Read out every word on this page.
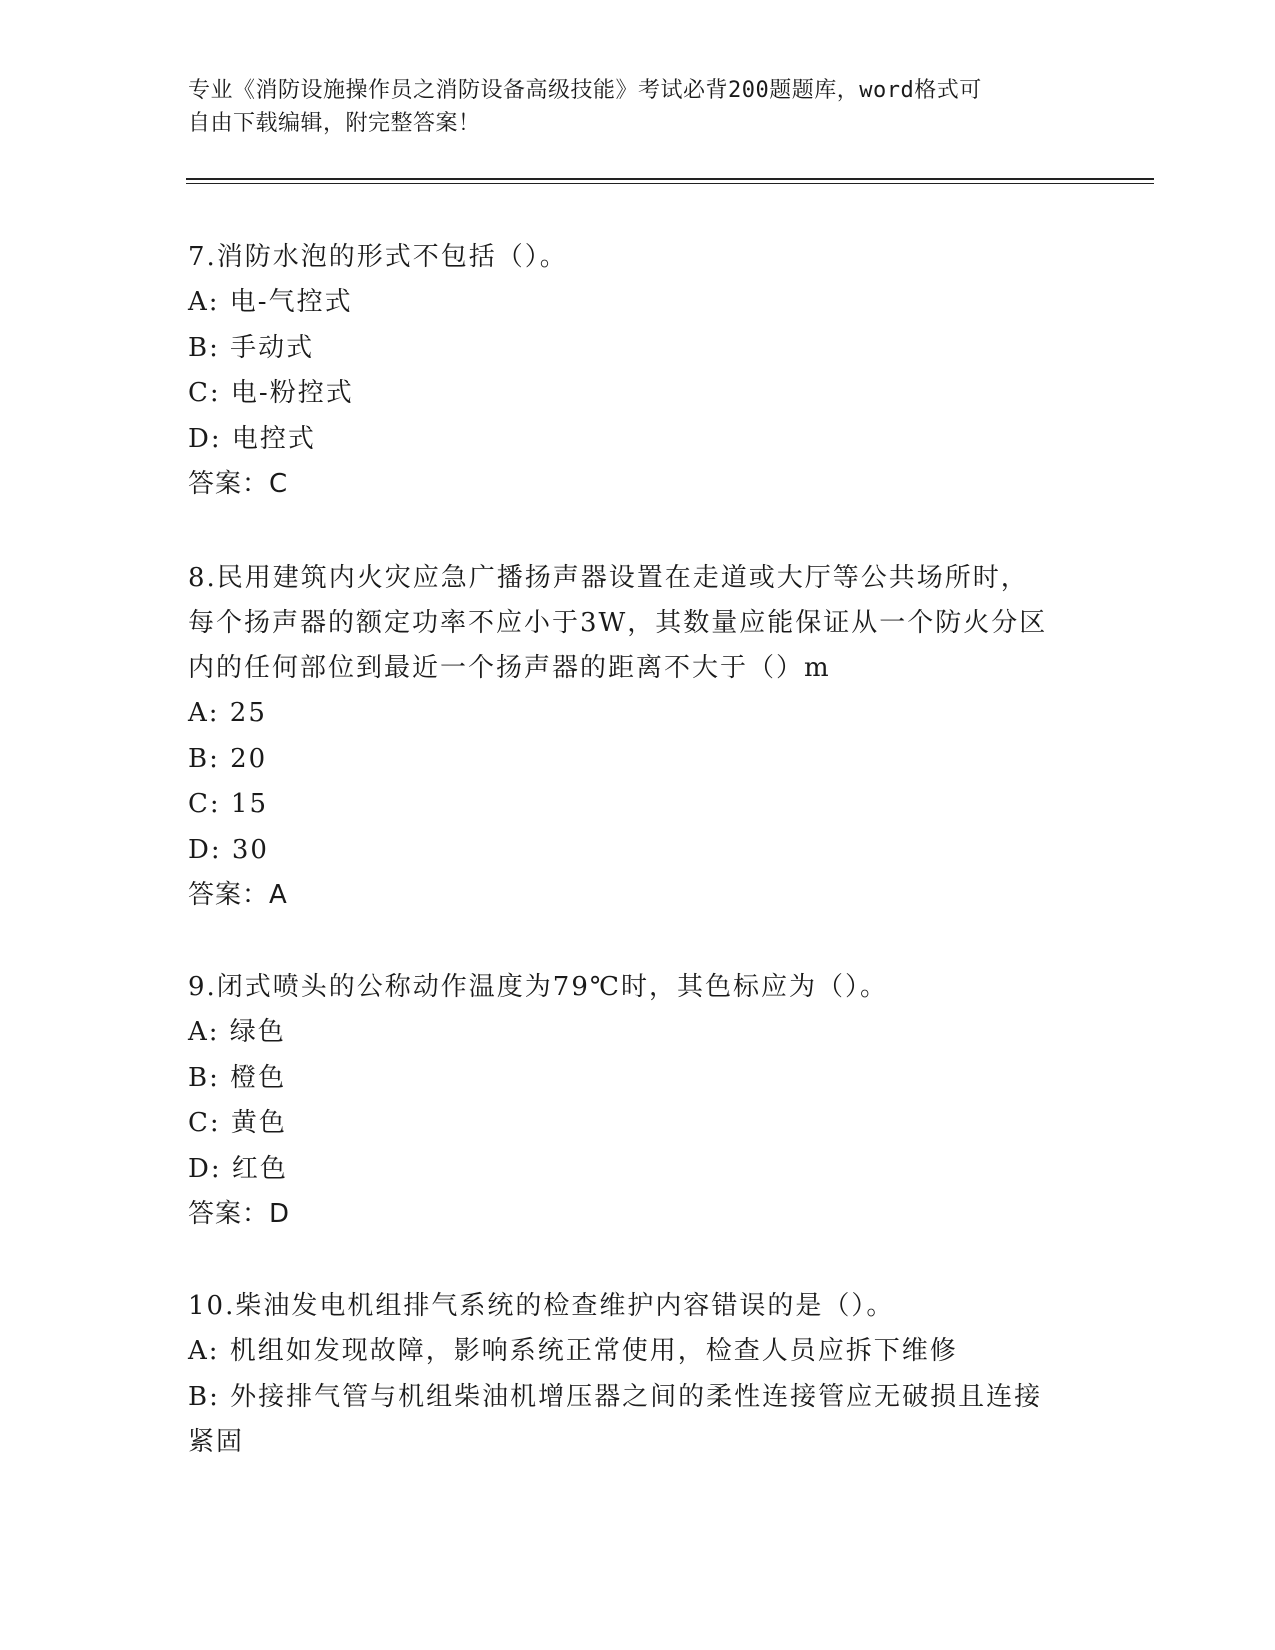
专业《消防设施操作员之消防设备高级技能》考试必背200题题库，word格式可
自由下载编辑，附完整答案！
7.消防水泡的形式不包括（）。
A: 电-气控式
B: 手动式
C: 电-粉控式
D: 电控式
答案：C
8.民用建筑内火灾应急广播扬声器设置在走道或大厅等公共场所时，
每个扬声器的额定功率不应小于3W，其数量应能保证从一个防火分区
内的任何部位到最近一个扬声器的距离不大于（）m
A: 25
B: 20
C: 15
D: 30
答案：A
9.闭式喷头的公称动作温度为79℃时，其色标应为（）。
A: 绿色
B: 橙色
C: 黄色
D: 红色
答案：D
10.柴油发电机组排气系统的检查维护内容错误的是（）。
A: 机组如发现故障，影响系统正常使用，检查人员应拆下维修
B: 外接排气管与机组柴油机增压器之间的柔性连接管应无破损且连接
紧固
